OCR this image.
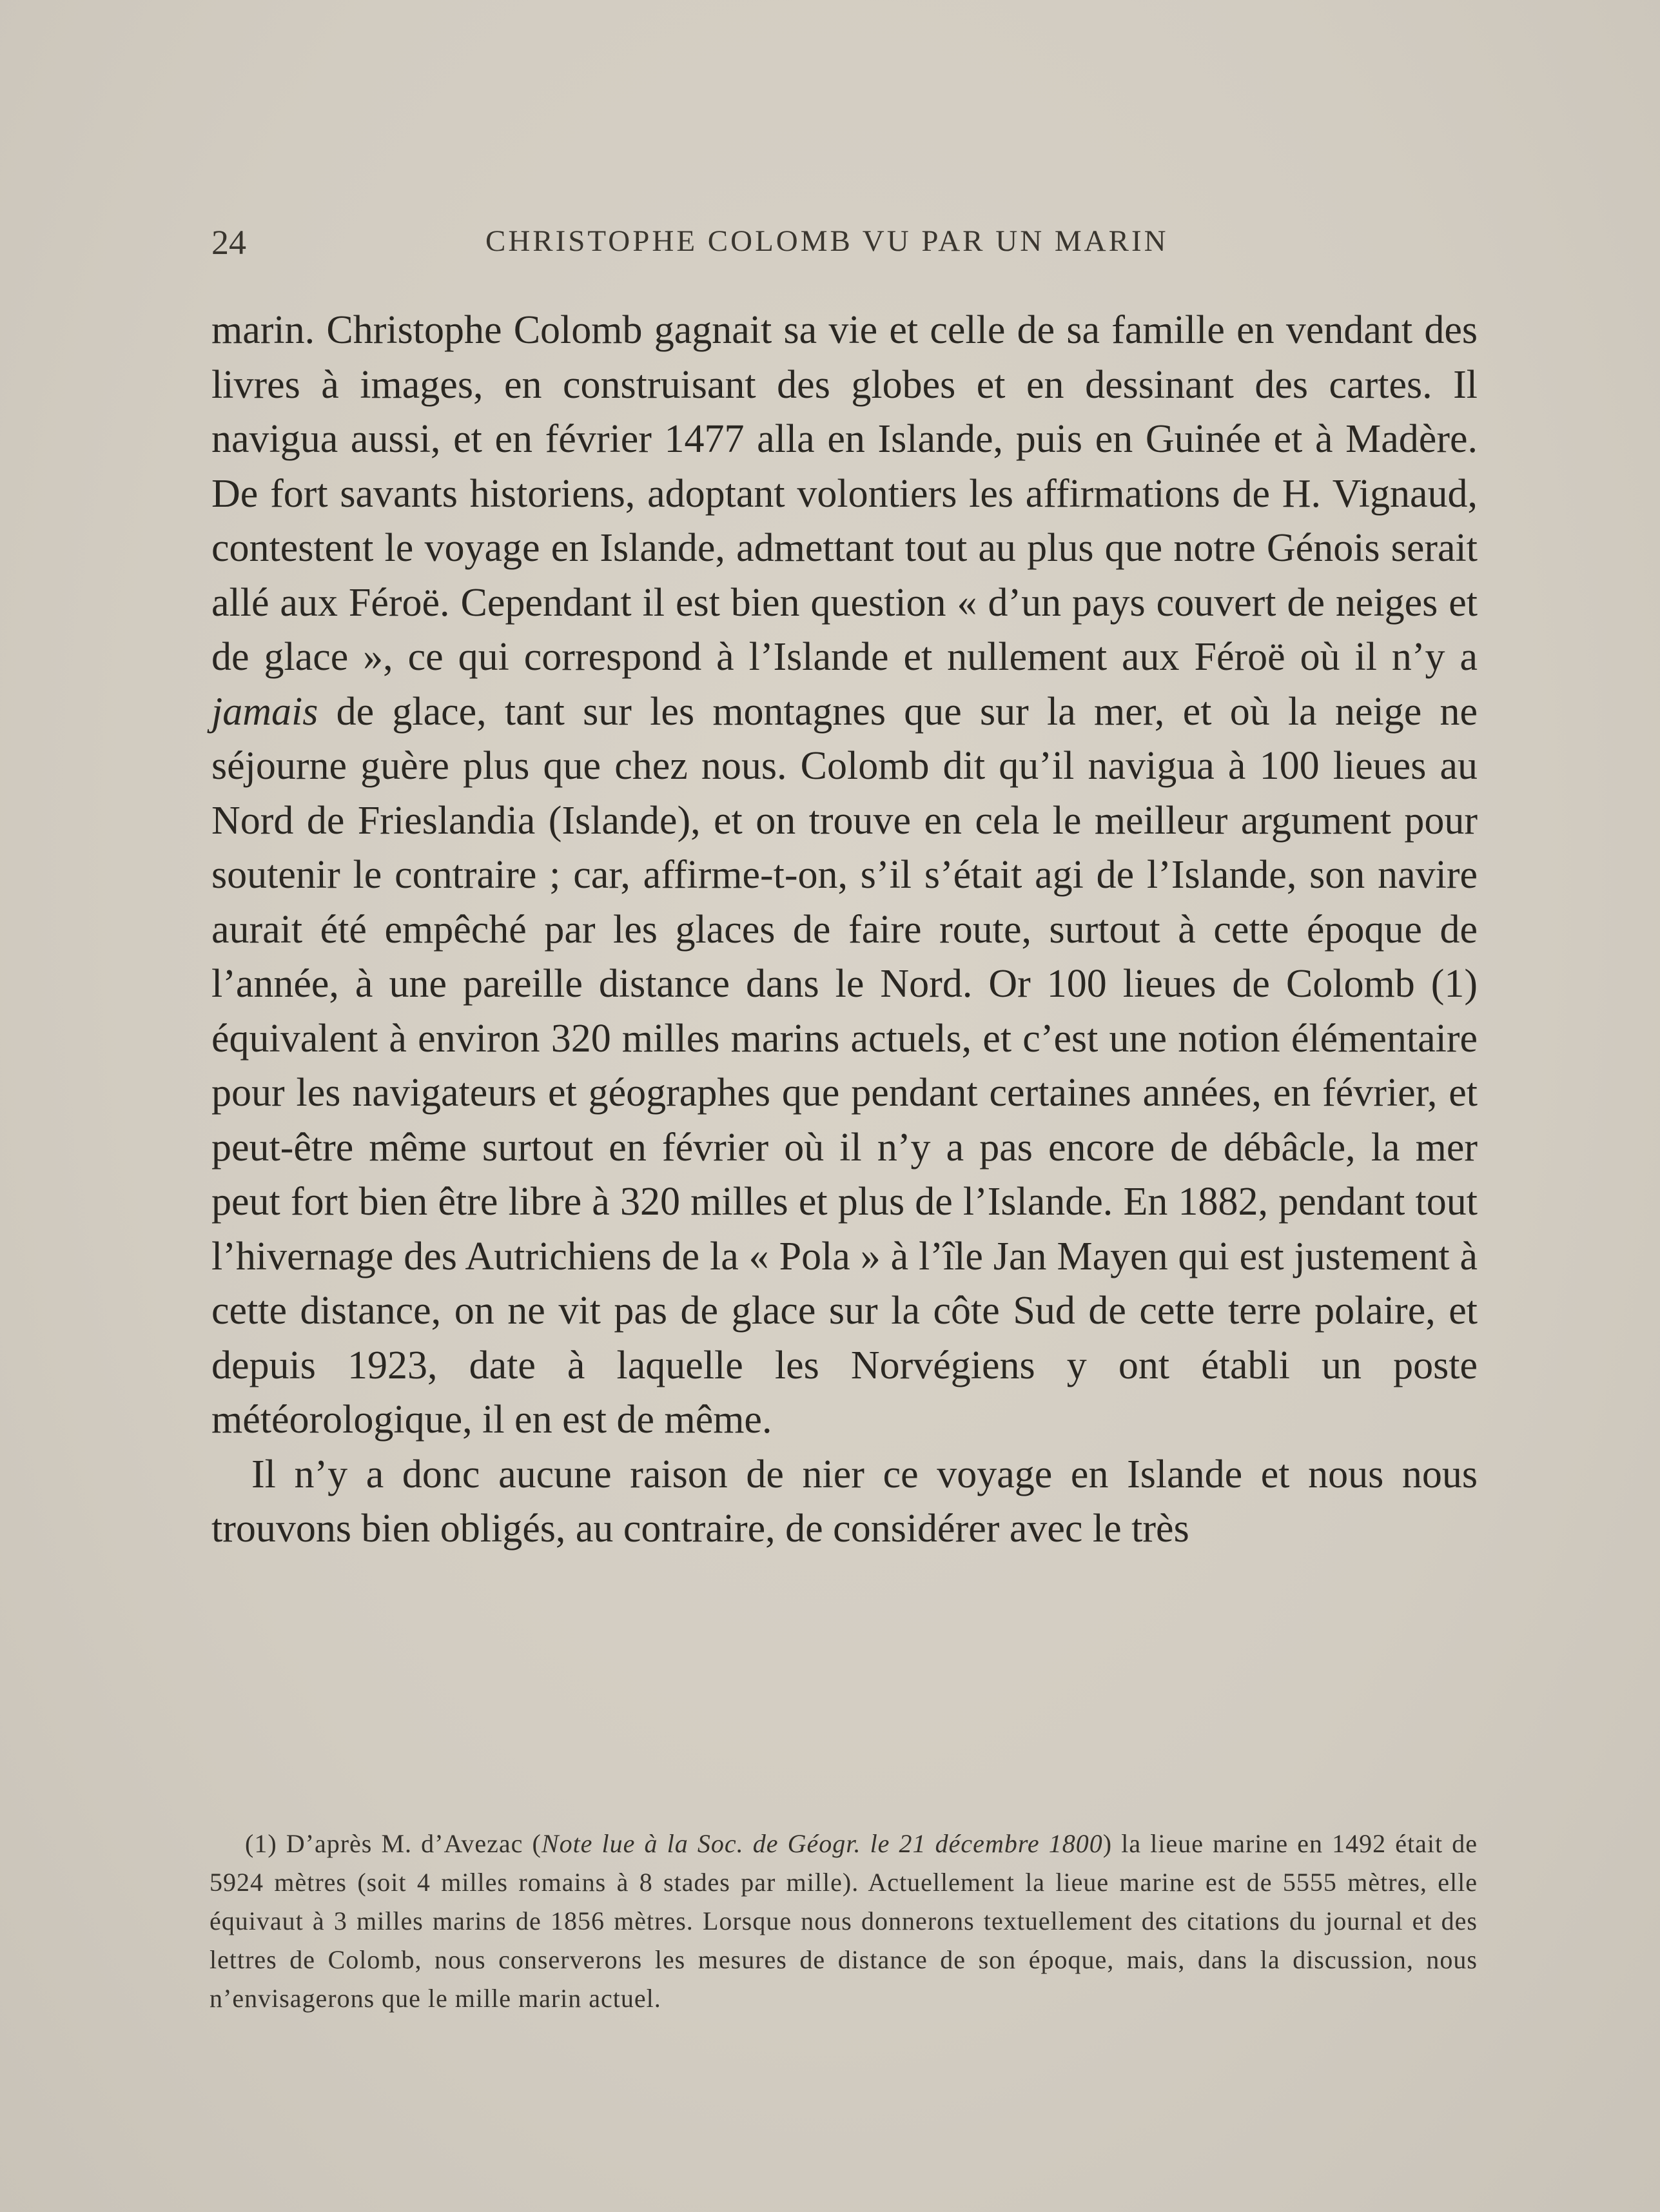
24	CHRISTOPHE COLOMB VU PAR UN MARIN

marin. Christophe Colomb gagnait sa vie et celle de sa famille en vendant des livres à images, en construisant des globes et en dessinant des cartes. Il navigua aussi, et en février 1477 alla en Islande, puis en Guinée et à Madère. De fort savants historiens, adoptant volontiers les affirmations de H. Vignaud, contestent le voyage en Islande, admettant tout au plus que notre Génois serait allé aux Féroë. Cependant il est bien question « d’un pays couvert de neiges et de glace », ce qui correspond à l’Islande et nullement aux Féroë où il n’y a jamais de glace, tant sur les montagnes que sur la mer, et où la neige ne séjourne guère plus que chez nous. Colomb dit qu’il navigua à 100 lieues au Nord de Frieslandia (Islande), et on trouve en cela le meilleur argument pour soutenir le contraire ; car, affirme-t-on, s’il s’était agi de l’Islande, son navire aurait été empêché par les glaces de faire route, surtout à cette époque de l’année, à une pareille distance dans le Nord. Or 100 lieues de Colomb (1) équivalent à environ 320 milles marins actuels, et c’est une notion élémentaire pour les navigateurs et géographes que pendant certaines années, en février, et peut-être même surtout en février où il n’y a pas encore de débâcle, la mer peut fort bien être libre à 320 milles et plus de l’Islande. En 1882, pendant tout l’hivernage des Autrichiens de la « Pola » à l’île Jan Mayen qui est justement à cette distance, on ne vit pas de glace sur la côte Sud de cette terre polaire, et depuis 1923, date à laquelle les Norvégiens y ont établi un poste météorologique, il en est de même.

Il n’y a donc aucune raison de nier ce voyage en Islande et nous nous trouvons bien obligés, au contraire, de considérer avec le très

(1) D’après M. d’Avezac (Note lue à la Soc. de Géogr. le 21 décembre 1800) la lieue marine en 1492 était de 5924 mètres (soit 4 milles romains à 8 stades par mille). Actuellement la lieue marine est de 5555 mètres, elle équivaut à 3 milles marins de 1856 mètres. Lorsque nous donnerons textuellement des citations du journal et des lettres de Colomb, nous conserverons les mesures de distance de son époque, mais, dans la discussion, nous n’envisagerons que le mille marin actuel.
